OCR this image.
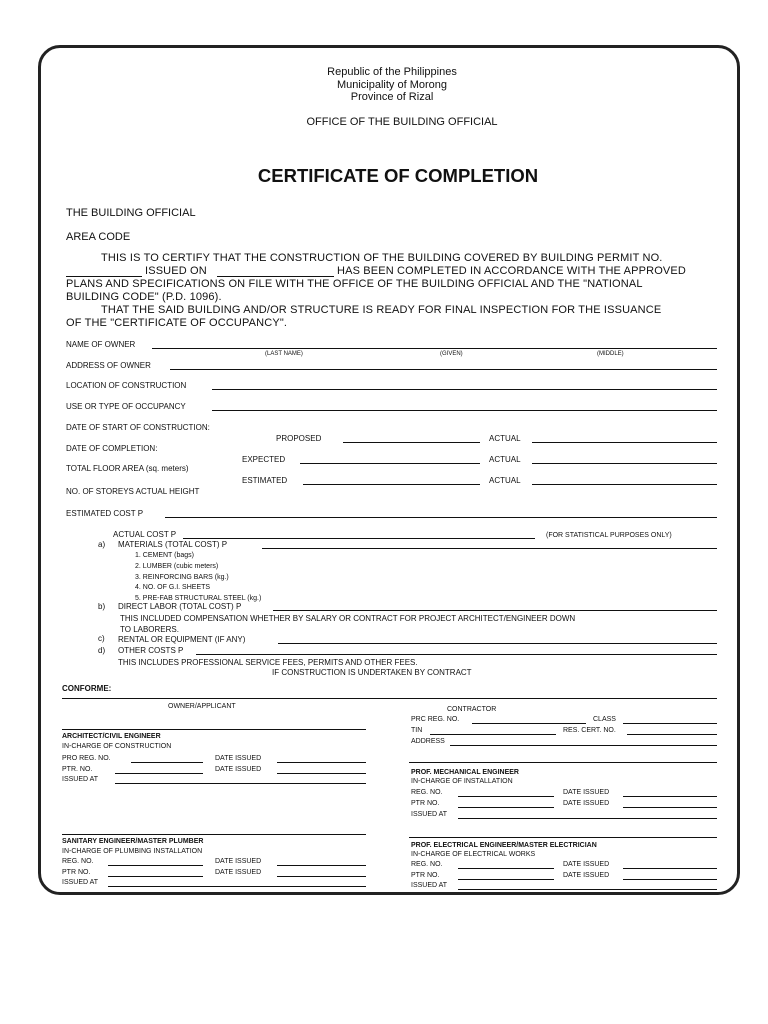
Republic of the Philippines
Municipality of Morong
Province of Rizal
OFFICE OF THE BUILDING OFFICIAL
CERTIFICATE OF COMPLETION
THE BUILDING OFFICIAL
AREA CODE
THIS IS TO CERTIFY THAT THE CONSTRUCTION OF THE BUILDING COVERED BY BUILDING PERMIT NO.
ISSUED ON	HAS BEEN COMPLETED IN ACCORDANCE WITH THE APPROVED
PLANS AND SPECIFICATIONS ON FILE WITH THE OFFICE OF THE BUILDING OFFICIAL AND THE "NATIONAL
BUILDING CODE" (P.D. 1096).
THAT THE SAID BUILDING AND/OR STRUCTURE IS READY FOR FINAL INSPECTION FOR THE ISSUANCE
OF THE "CERTIFICATE OF OCCUPANCY".
NAME OF OWNER
(LAST NAME)	(GIVEN)	(MIDDLE)
ADDRESS OF OWNER
LOCATION OF CONSTRUCTION
USE OR TYPE OF OCCUPANCY
DATE OF START OF CONSTRUCTION:
PROPOSED	ACTUAL
DATE OF COMPLETION:
EXPECTED	ACTUAL
TOTAL FLOOR AREA (sq. meters)
ESTIMATED	ACTUAL
NO. OF STOREYS ACTUAL HEIGHT
ESTIMATED COST P
ACTUAL COST P	(FOR STATISTICAL PURPOSES ONLY)
a) MATERIALS (TOTAL COST) P
1. CEMENT (bags)
2. LUMBER (cubic meters)
3. REINFORCING BARS (kg.)
4. NO. OF G.I. SHEETS
5. PRE-FAB STRUCTURAL STEEL (kg.)
b) DIRECT LABOR (TOTAL COST) P
THIS INCLUDED COMPENSATION WHETHER BY SALARY OR CONTRACT FOR PROJECT ARCHITECT/ENGINEER DOWN
TO LABORERS.
c) RENTAL OR EQUIPMENT (IF ANY)
d) OTHER COSTS P
THIS INCLUDES PROFESSIONAL SERVICE FEES, PERMITS AND OTHER FEES.
IF CONSTRUCTION IS UNDERTAKEN BY CONTRACT
CONFORME:
OWNER/APPLICANT	CONTRACTOR
PRC REG. NO.	CLASS
TIN	RES. CERT. NO.
ADDRESS
ARCHITECT/CIVIL ENGINEER
IN-CHARGE OF CONSTRUCTION
PRO REG. NO.	DATE ISSUED
PTR. NO.	DATE ISSUED
ISSUED AT
PROF. MECHANICAL ENGINEER
IN-CHARGE OF INSTALLATION
REG. NO.	DATE ISSUED
PTR NO.	DATE ISSUED
ISSUED AT
SANITARY ENGINEER/MASTER PLUMBER
IN-CHARGE OF PLUMBING INSTALLATION
REG. NO.	DATE ISSUED
PTR NO.	DATE ISSUED
ISSUED AT
PROF. ELECTRICAL ENGINEER/MASTER ELECTRICIAN
IN-CHARGE OF ELECTRICAL WORKS
REG. NO.	DATE ISSUED
PTR NO.	DATE ISSUED
ISSUED AT
